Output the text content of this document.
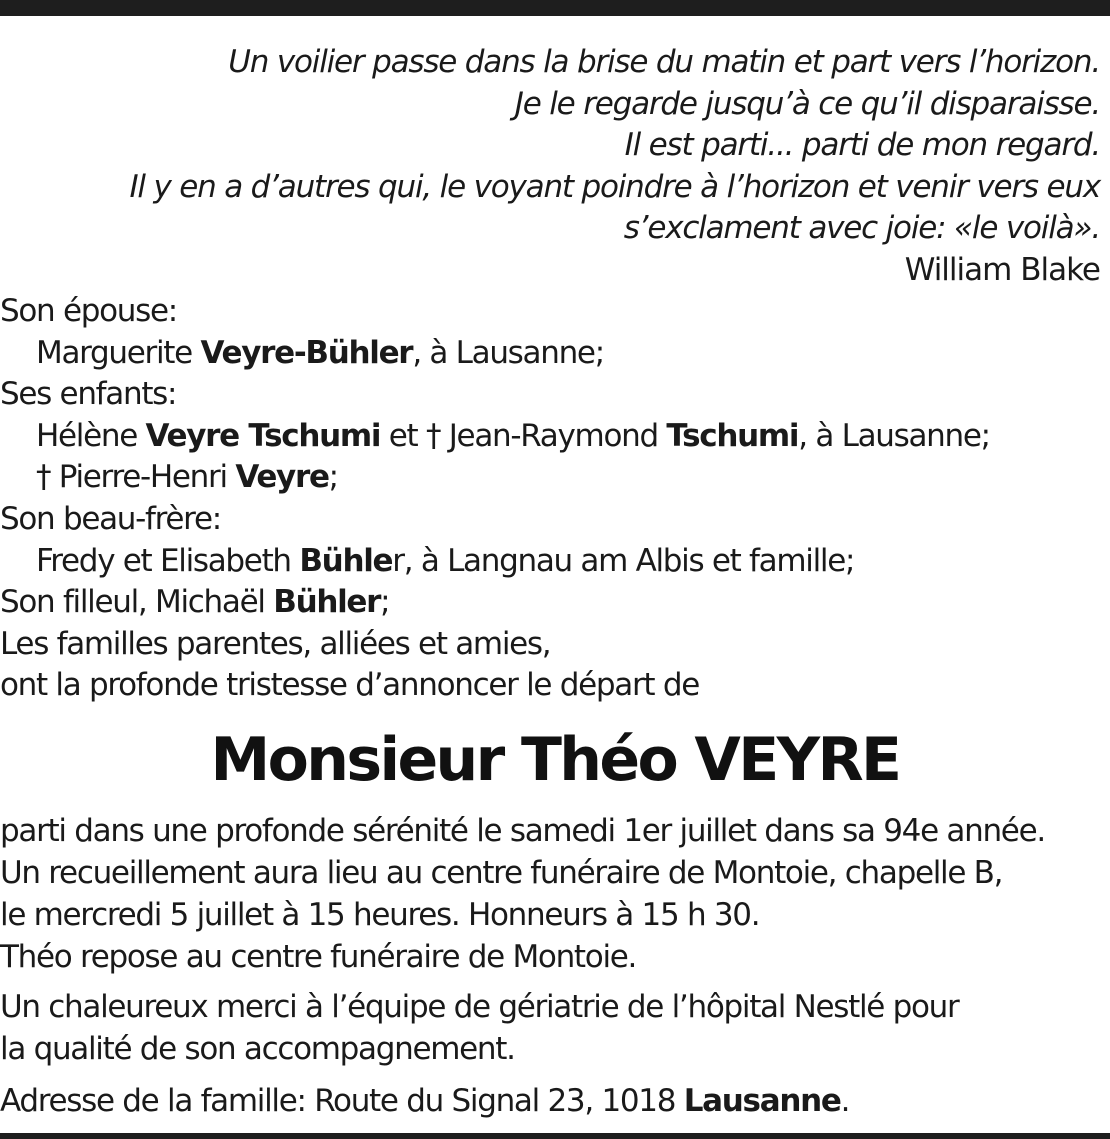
Un voilier passe dans la brise du matin et part vers l’horizon.
Je le regarde jusqu’à ce qu’il disparaisse.
Il est parti... parti de mon regard.
Il y en a d’autres qui, le voyant poindre à l’horizon et venir vers eux
s’exclament avec joie: «le voilà».
William Blake
Son épouse:
Marguerite Veyre-Bühler, à Lausanne;
Ses enfants:
Hélène Veyre Tschumi et † Jean-Raymond Tschumi, à Lausanne;
† Pierre-Henri Veyre;
Son beau-frère:
Fredy et Elisabeth Bühler, à Langnau am Albis et famille;
Son filleul, Michaël Bühler;
Les familles parentes, alliées et amies,
ont la profonde tristesse d’annoncer le départ de
Monsieur Théo VEYRE
parti dans une profonde sérénité le samedi 1er juillet dans sa 94e année.
Un recueillement aura lieu au centre funéraire de Montoie, chapelle B,
le mercredi 5 juillet à 15 heures. Honneurs à 15 h 30.
Théo repose au centre funéraire de Montoie.
Un chaleureux merci à l’équipe de gériatrie de l’hôpital Nestlé pour
la qualité de son accompagnement.
Adresse de la famille: Route du Signal 23, 1018 Lausanne.
